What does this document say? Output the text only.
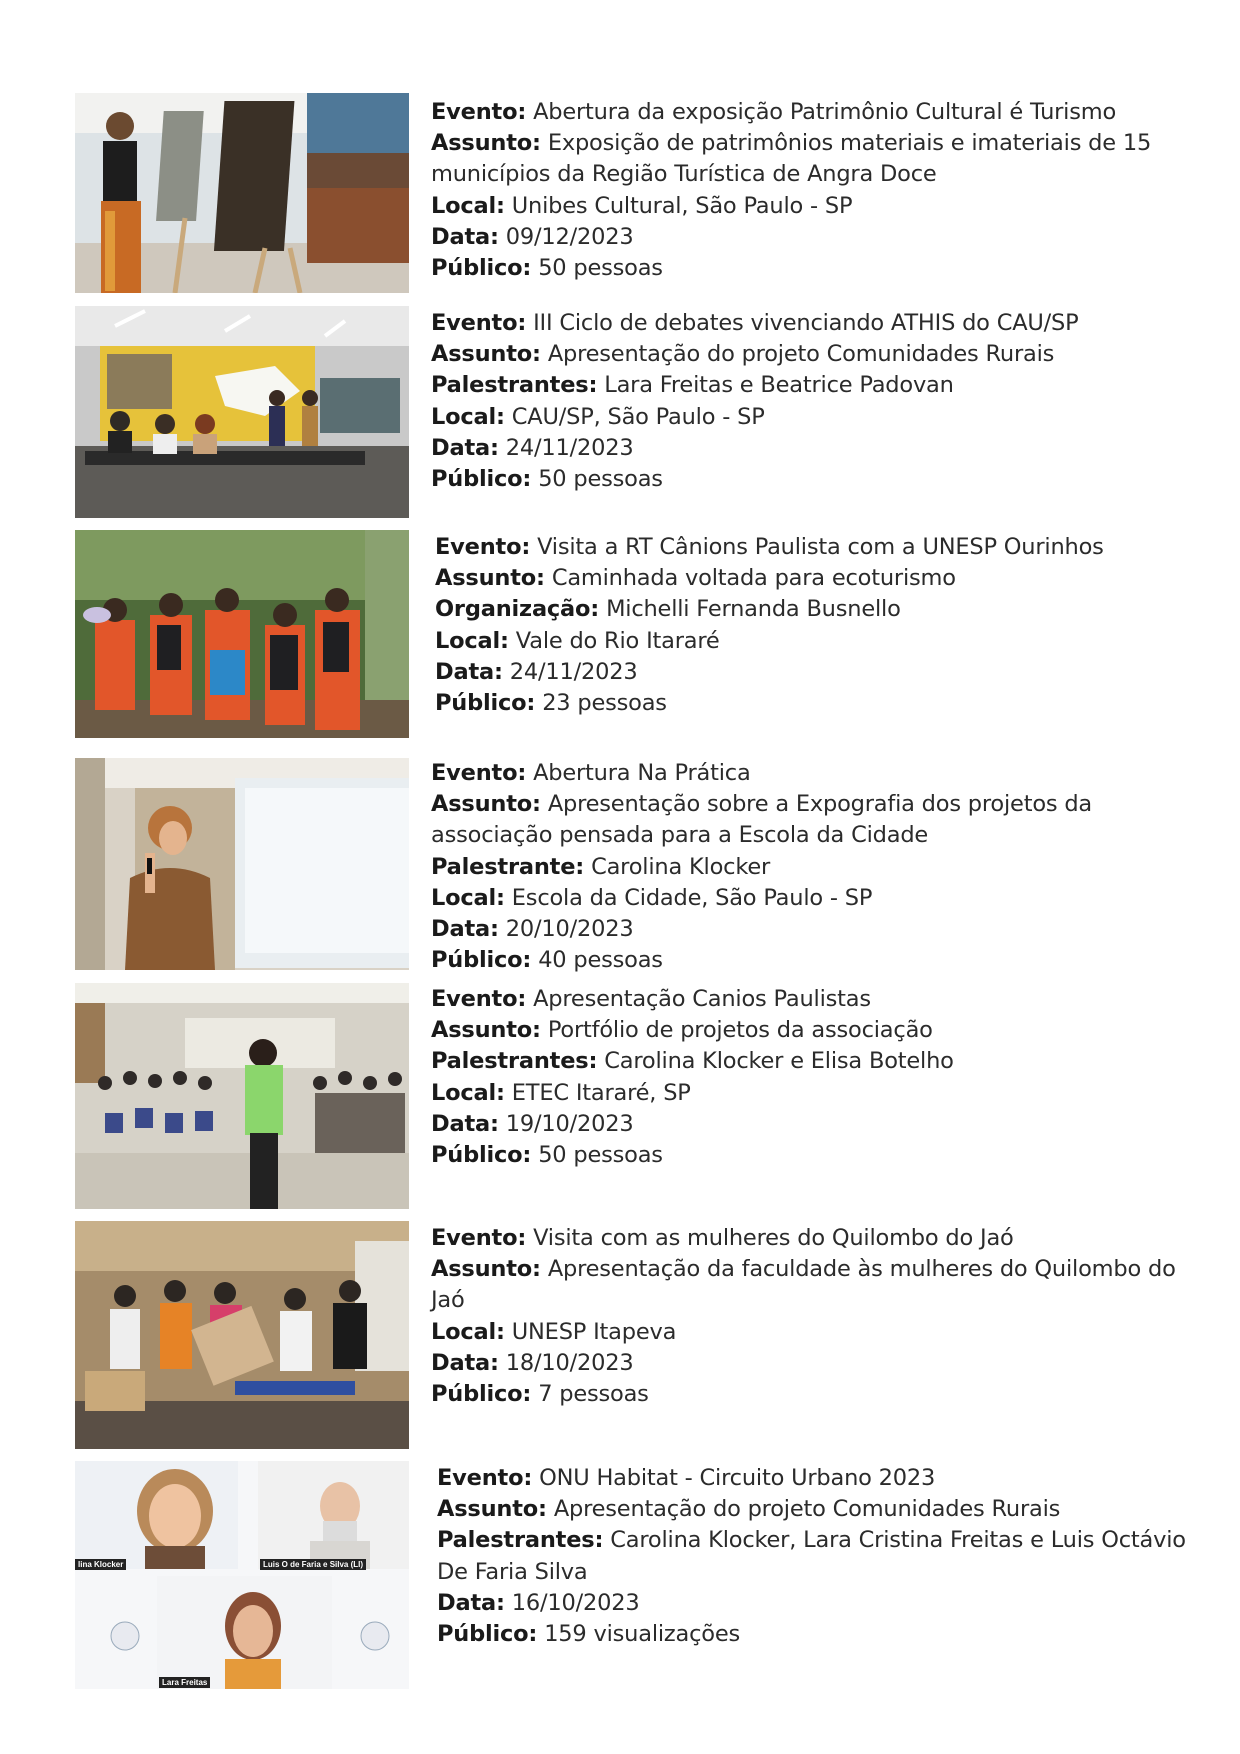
Evento: Abertura da exposição Patrimônio Cultural é Turismo
Assunto: Exposição de patrimônios materiais e imateriais de 15 municípios da Região Turística de Angra Doce
Local: Unibes Cultural, São Paulo - SP
Data: 09/12/2023
Público: 50 pessoas
Evento: III Ciclo de debates vivenciando ATHIS do CAU/SP
Assunto: Apresentação do projeto Comunidades Rurais
Palestrantes: Lara Freitas e Beatrice Padovan
Local: CAU/SP, São Paulo - SP
Data: 24/11/2023
Público: 50 pessoas
Evento: Visita a RT Cânions Paulista com a UNESP Ourinhos
Assunto: Caminhada voltada para ecoturismo
Organização: Michelli Fernanda Busnello
Local: Vale do Rio Itararé
Data: 24/11/2023
Público: 23 pessoas
Evento: Abertura Na Prática
Assunto: Apresentação sobre a Expografia dos projetos da associação pensada para a Escola da Cidade
Palestrante: Carolina Klocker
Local: Escola da Cidade, São Paulo - SP
Data: 20/10/2023
Público: 40 pessoas
Evento: Apresentação Canios Paulistas
Assunto: Portfólio de projetos da associação
Palestrantes: Carolina Klocker e Elisa Botelho
Local: ETEC Itararé, SP
Data: 19/10/2023
Público: 50 pessoas
Evento: Visita com as mulheres do Quilombo do Jaó
Assunto: Apresentação da faculdade às mulheres do Quilombo do Jaó
Local: UNESP Itapeva
Data: 18/10/2023
Público: 7 pessoas
lina Klocker	Luis O de Faria e Silva (LI)
Lara Freitas
Evento: ONU Habitat - Circuito Urbano 2023
Assunto: Apresentação do projeto Comunidades Rurais
Palestrantes: Carolina Klocker, Lara Cristina Freitas e Luis Octávio De Faria Silva
Data: 16/10/2023
Público: 159 visualizações
